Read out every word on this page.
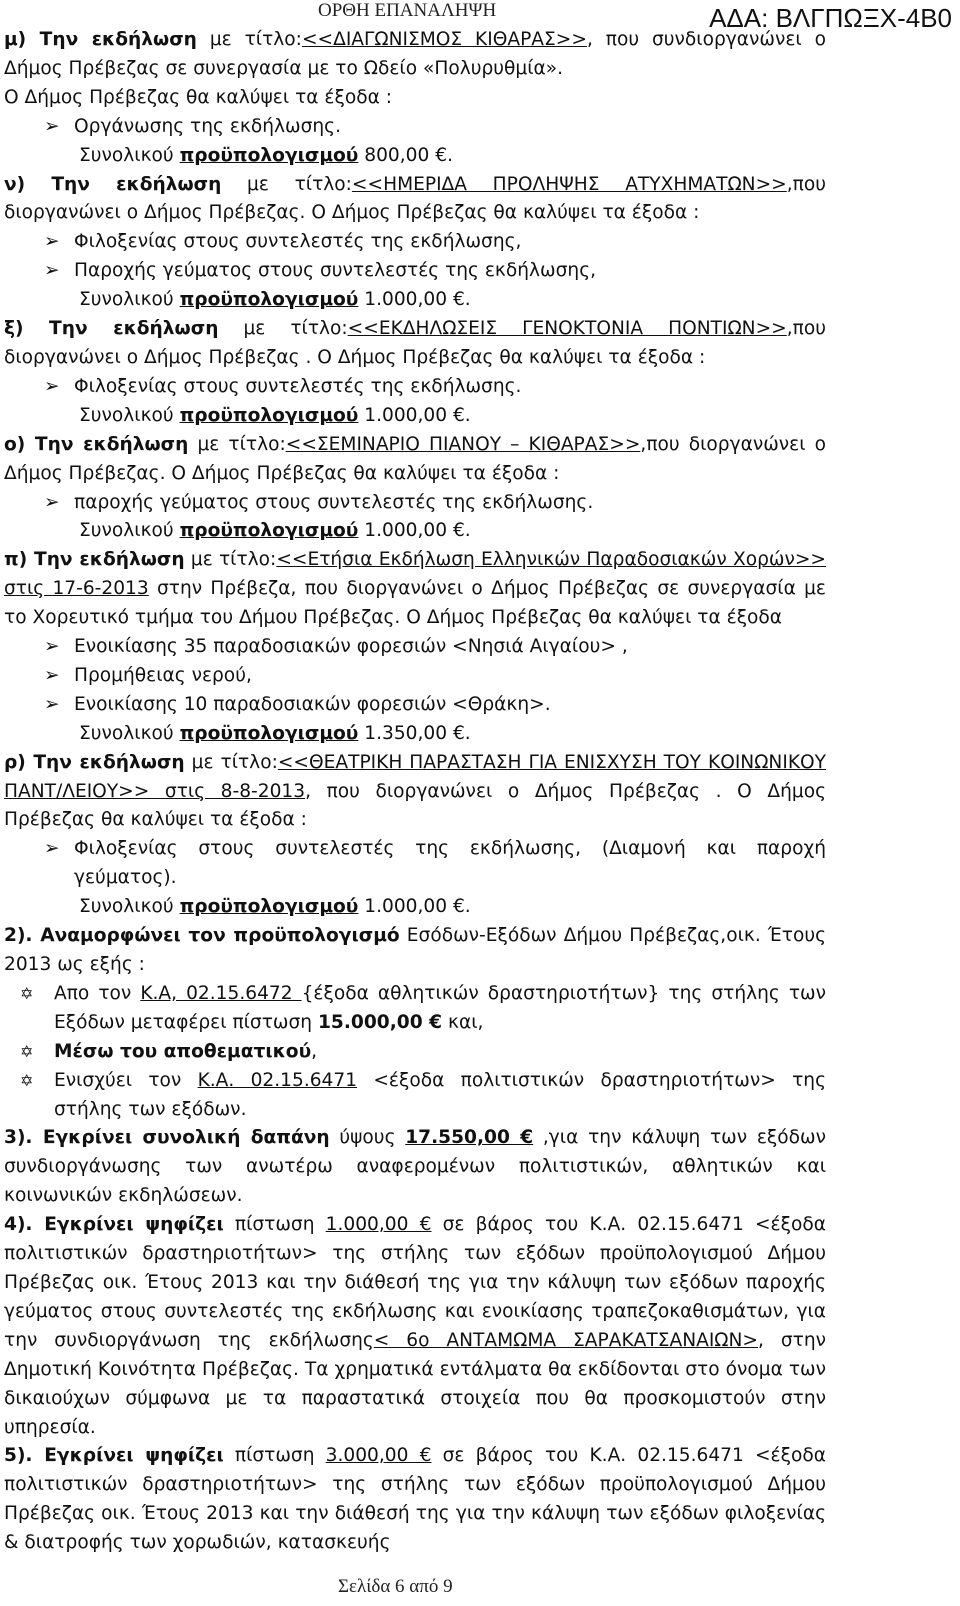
ΟΡΘΗ ΕΠΑΝΑΛΗΨΗ	ΑΔΑ: ΒΛΓΠΩΞΧ-4Β0

μ) Την εκδήλωση με τίτλο:<<ΔΙΑΓΩΝΙΣΜΟΣ ΚΙΘΑΡΑΣ>>, που συνδιοργανώνει ο Δήμος Πρέβεζας σε συνεργασία με το Ωδείο «Πολυρυθμία».

Ο Δήμος Πρέβεζας θα καλύψει τα έξοδα :

➢ Οργάνωσης της εκδήλωσης.

Συνολικού προϋπολογισμού 800,00 €.

ν) Την εκδήλωση με τίτλο:<<ΗΜΕΡΙΔΑ ΠΡΟΛΗΨΗΣ ΑΤΥΧΗΜΑΤΩΝ>>,που διοργανώνει ο Δήμος Πρέβεζας. Ο Δήμος Πρέβεζας θα καλύψει τα έξοδα :

➢ Φιλοξενίας στους συντελεστές της εκδήλωσης,
➢ Παροχής γεύματος στους συντελεστές της εκδήλωσης,

Συνολικού προϋπολογισμού 1.000,00 €.

ξ) Την εκδήλωση με τίτλο:<<ΕΚΔΗΛΩΣΕΙΣ ΓΕΝΟΚΤΟΝΙΑ ΠΟΝΤΙΩΝ>>,που διοργανώνει ο Δήμος Πρέβεζας . Ο Δήμος Πρέβεζας θα καλύψει τα έξοδα :

➢ Φιλοξενίας στους συντελεστές της εκδήλωσης.

Συνολικού προϋπολογισμού 1.000,00 €.

ο) Την εκδήλωση με τίτλο:<<ΣΕΜΙΝΑΡΙΟ ΠΙΑΝΟΥ – ΚΙΘΑΡΑΣ>>,που διοργανώνει ο Δήμος Πρέβεζας. Ο Δήμος Πρέβεζας θα καλύψει τα έξοδα :

➢ παροχής γεύματος στους συντελεστές της εκδήλωσης.

Συνολικού προϋπολογισμού 1.000,00 €.

π) Την εκδήλωση με τίτλο:<<Ετήσια Εκδήλωση Ελληνικών Παραδοσιακών Χορών>> στις 17-6-2013 στην Πρέβεζα, που διοργανώνει ο Δήμος Πρέβεζας σε συνεργασία με το Χορευτικό τμήμα του Δήμου Πρέβεζας. Ο Δήμος Πρέβεζας θα καλύψει τα έξοδα

➢ Ενοικίασης 35 παραδοσιακών φορεσιών <Νησιά Αιγαίου> ,
➢ Προμήθειας νερού,
➢ Ενοικίασης 10 παραδοσιακών φορεσιών <Θράκη>.

Συνολικού προϋπολογισμού 1.350,00 €.

ρ) Την εκδήλωση με τίτλο:<<ΘΕΑΤΡΙΚΗ ΠΑΡΑΣΤΑΣΗ ΓΙΑ ΕΝΙΣΧΥΣΗ ΤΟΥ ΚΟΙΝΩΝΙΚΟΥ ΠΑΝΤ/ΛΕΙΟΥ>> στις 8-8-2013, που διοργανώνει ο Δήμος Πρέβεζας . Ο Δήμος Πρέβεζας θα καλύψει τα έξοδα :

➢ Φιλοξενίας στους συντελεστές της εκδήλωσης, (Διαμονή και παροχή γεύματος).

Συνολικού προϋπολογισμού 1.000,00 €.

2). Αναμορφώνει τον προϋπολογισμό Εσόδων-Εξόδων Δήμου Πρέβεζας,οικ. Έτους 2013 ως εξής :

✡	Απο τον Κ.Α, 02.15.6472 {έξοδα αθλητικών δραστηριοτήτων} της στήλης των Εξόδων μεταφέρει πίστωση 15.000,00 € και,
✡	Μέσω του αποθεματικού,
✡	Ενισχύει τον Κ.Α. 02.15.6471 <έξοδα πολιτιστικών δραστηριοτήτων> της στήλης των εξόδων.

3). Εγκρίνει συνολική δαπάνη ύψους 17.550,00 € ,για την κάλυψη των εξόδων συνδιοργάνωσης των ανωτέρω αναφερομένων πολιτιστικών, αθλητικών και κοινωνικών εκδηλώσεων.

4). Εγκρίνει ψηφίζει πίστωση 1.000,00 € σε βάρος του Κ.Α. 02.15.6471 <έξοδα πολιτιστικών δραστηριοτήτων> της στήλης των εξόδων προϋπολογισμού Δήμου Πρέβεζας οικ. Έτους 2013 και την διάθεσή της για την κάλυψη των εξόδων παροχής γεύματος στους συντελεστές της εκδήλωσης και ενοικίασης τραπεζοκαθισμάτων, για την συνδιοργάνωση της εκδήλωσης< 6ο ΑΝΤΑΜΩΜΑ ΣΑΡΑΚΑΤΣΑΝΑΙΩΝ>, στην Δημοτική Κοινότητα Πρέβεζας. Τα χρηματικά εντάλματα θα εκδίδονται στο όνομα των δικαιούχων σύμφωνα με τα παραστατικά στοιχεία που θα προσκομιστούν στην υπηρεσία.

5). Εγκρίνει ψηφίζει πίστωση 3.000,00 € σε βάρος του Κ.Α. 02.15.6471 <έξοδα πολιτιστικών δραστηριοτήτων> της στήλης των εξόδων προϋπολογισμού Δήμου Πρέβεζας οικ. Έτους 2013 και την διάθεσή της για την κάλυψη των εξόδων φιλοξενίας & διατροφής των χορωδιών, κατασκευής

Σελίδα 6 από 9
